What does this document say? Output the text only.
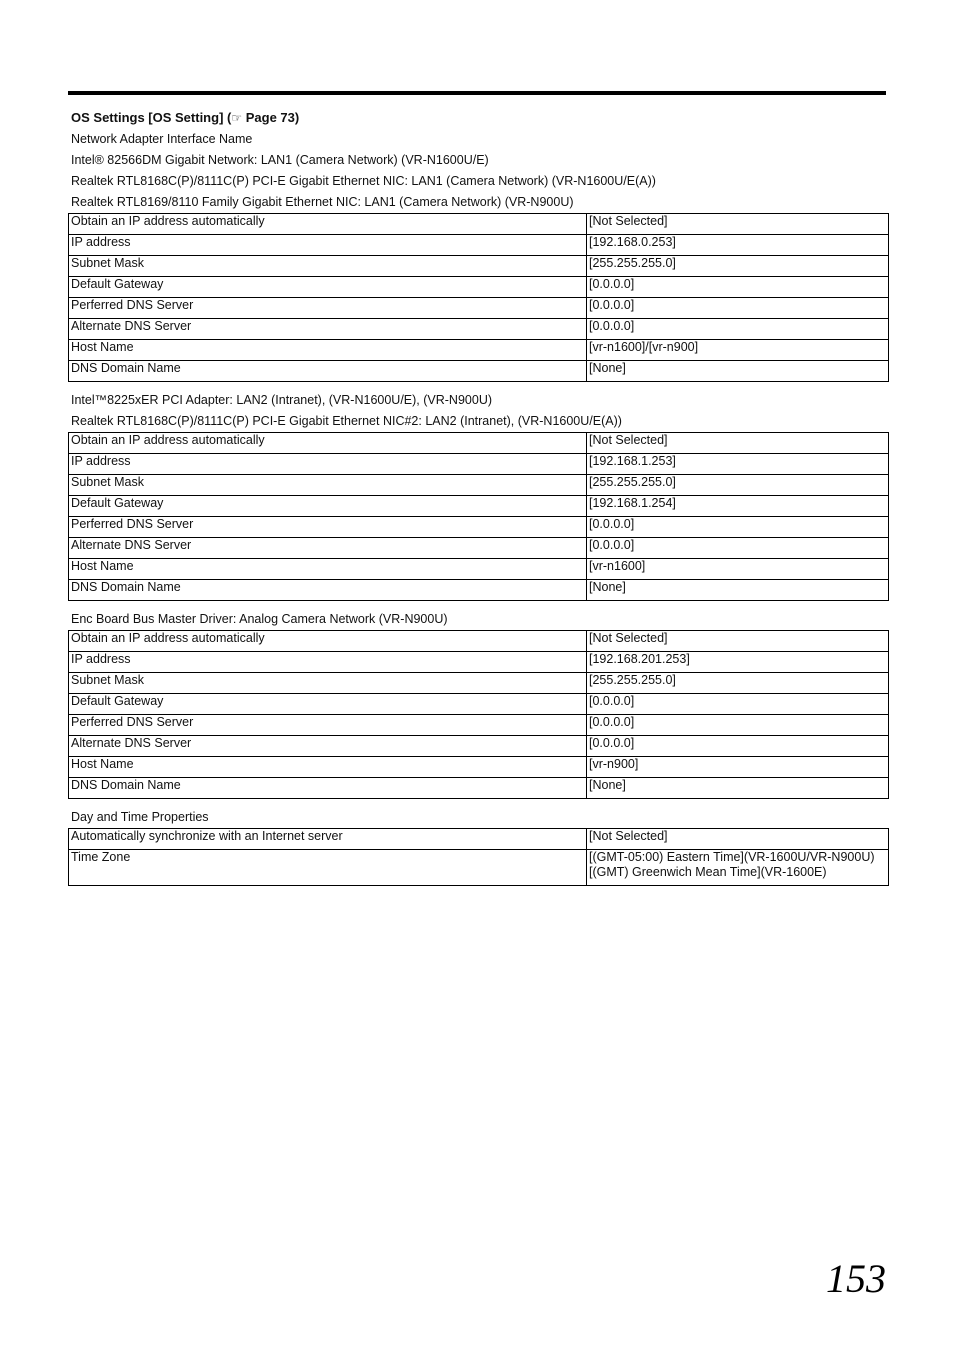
OS Settings [OS Setting] (☞ Page 73)
Network Adapter Interface Name
Intel® 82566DM Gigabit Network: LAN1 (Camera Network) (VR-N1600U/E)
Realtek RTL8168C(P)/8111C(P) PCI-E Gigabit Ethernet NIC: LAN1 (Camera Network) (VR-N1600U/E(A))
Realtek RTL8169/8110 Family Gigabit Ethernet NIC: LAN1 (Camera Network) (VR-N900U)
Obtain an IP address automatically	[Not Selected]
IP address	[192.168.0.253]
Subnet Mask	[255.255.255.0]
Default Gateway	[0.0.0.0]
Perferred DNS Server	[0.0.0.0]
Alternate DNS Server	[0.0.0.0]
Host Name	[vr-n1600]/[vr-n900]
DNS Domain Name	[None]
Intel™8225xER PCI Adapter: LAN2 (Intranet), (VR-N1600U/E), (VR-N900U)
Realtek RTL8168C(P)/8111C(P) PCI-E Gigabit Ethernet NIC#2: LAN2 (Intranet), (VR-N1600U/E(A))
Obtain an IP address automatically	[Not Selected]
IP address	[192.168.1.253]
Subnet Mask	[255.255.255.0]
Default Gateway	[192.168.1.254]
Perferred DNS Server	[0.0.0.0]
Alternate DNS Server	[0.0.0.0]
Host Name	[vr-n1600]
DNS Domain Name	[None]
Enc Board Bus Master Driver: Analog Camera Network (VR-N900U)
Obtain an IP address automatically	[Not Selected]
IP address	[192.168.201.253]
Subnet Mask	[255.255.255.0]
Default Gateway	[0.0.0.0]
Perferred DNS Server	[0.0.0.0]
Alternate DNS Server	[0.0.0.0]
Host Name	[vr-n900]
DNS Domain Name	[None]
Day and Time Properties
Automatically synchronize with an Internet server	[Not Selected]
Time Zone	[(GMT-05:00) Eastern Time](VR-1600U/VR-N900U)
[(GMT) Greenwich Mean Time](VR-1600E)
153
